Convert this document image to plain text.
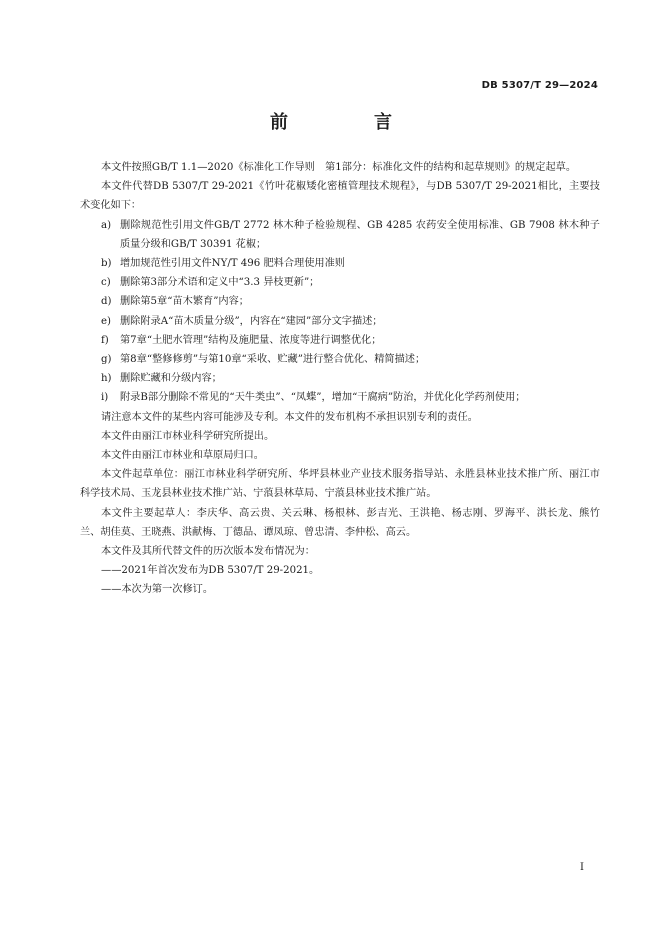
DB 5307/T 29—2024
前　言

本文件按照GB/T 1.1—2020《标准化工作导则　第1部分：标准化文件的结构和起草规则》的规定起草。

本文件代替DB 5307/T 29-2021《竹叶花椒矮化密植管理技术规程》，与DB 5307/T 29-2021相比，主要技术变化如下：

a) 删除规范性引用文件GB/T 2772 林木种子检验规程、GB 4285 农药安全使用标准、GB 7908 林木种子质量分级和GB/T 30391 花椒；

b) 增加规范性引用文件NY/T 496 肥料合理使用准则

c) 删除第3部分术语和定义中“3.3 异枝更新”；

d) 删除第5章“苗木繁育”内容；

e) 删除附录A“苗木质量分级”，内容在“建园”部分文字描述；

f) 第7章“土肥水管理”结构及施肥量、浓度等进行调整优化；

g) 第8章“整修修剪”与第10章“采收、贮藏”进行整合优化、精简描述；

h) 删除贮藏和分级内容；

i) 附录B部分删除不常见的“天牛类虫”、“凤蝶”，增加“干腐病”防治，并优化化学药剂使用；

请注意本文件的某些内容可能涉及专利。本文件的发布机构不承担识别专利的责任。

本文件由丽江市林业科学研究所提出。

本文件由丽江市林业和草原局归口。

本文件起草单位：丽江市林业科学研究所、华坪县林业产业技术服务指导站、永胜县林业技术推广所、丽江市科学技术局、玉龙县林业技术推广站、宁蒗县林草局、宁蒗县林业技术推广站。

本文件主要起草人：李庆华、高云贵、关云琳、杨根林、彭吉光、王洪艳、杨志刚、罗海平、洪长龙、熊竹兰、胡佳莫、王晓燕、洪献梅、丁德品、谭凤琼、曾忠清、李仲松、高云。

本文件及其所代替文件的历次版本发布情况为：

——2021年首次发布为DB 5307/T 29-2021。

——本次为第一次修订。

I
